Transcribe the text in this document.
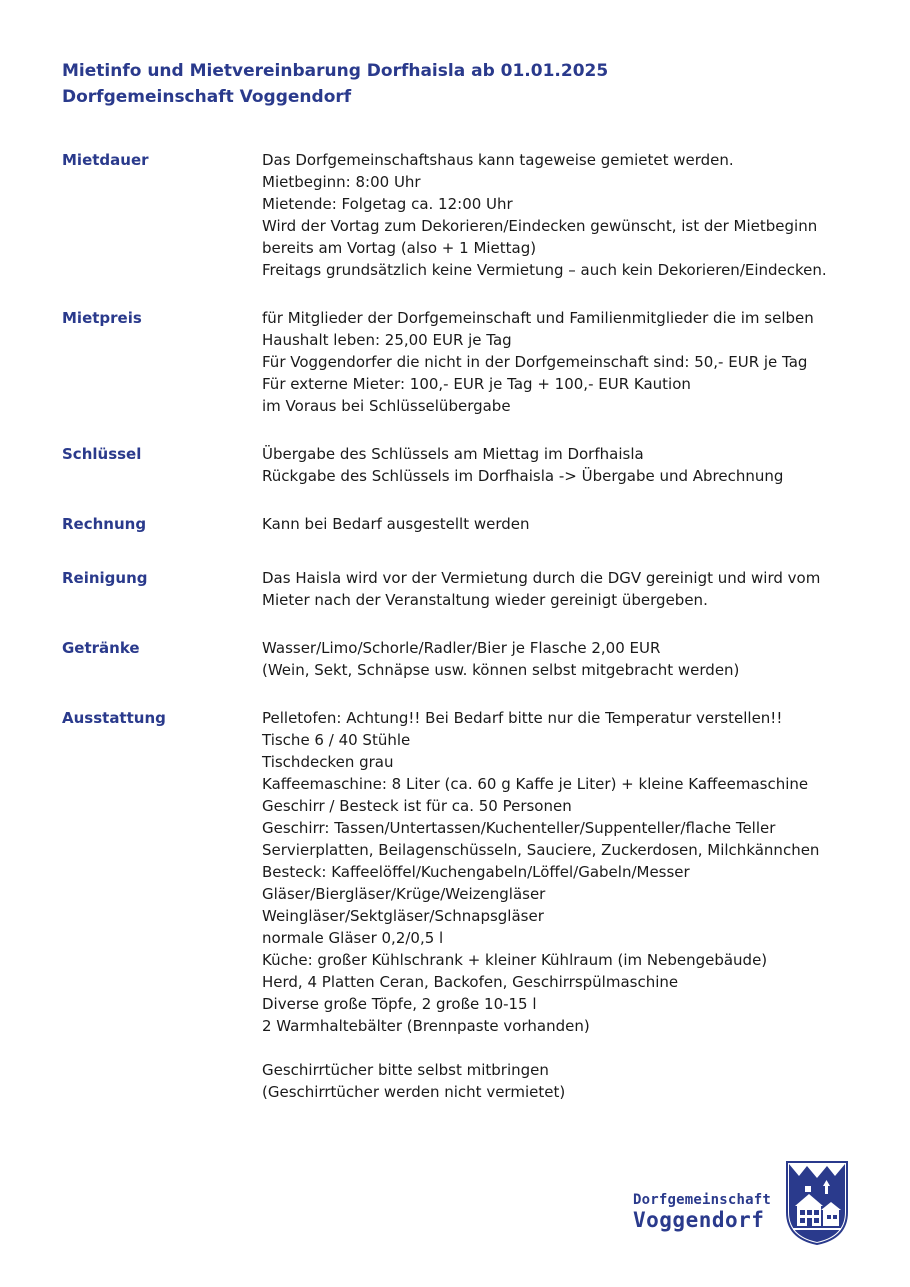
Mietinfo und Mietvereinbarung Dorfhaisla ab 01.01.2025
Dorfgemeinschaft Voggendorf
Mietdauer	Das Dorfgemeinschaftshaus kann tageweise gemietet werden.
Mietbeginn: 8:00 Uhr
Mietende: Folgetag ca. 12:00 Uhr
Wird der Vortag zum Dekorieren/Eindecken gewünscht, ist der Mietbeginn
bereits am Vortag (also + 1 Miettag)
Freitags grundsätzlich keine Vermietung – auch kein Dekorieren/Eindecken.
Mietpreis	für Mitglieder der Dorfgemeinschaft und Familienmitglieder die im selben
Haushalt leben: 25,00 EUR je Tag
Für Voggendorfer die nicht in der Dorfgemeinschaft sind: 50,- EUR je Tag
Für externe Mieter: 100,- EUR je Tag + 100,- EUR Kaution
im Voraus bei Schlüsselübergabe
Schlüssel	Übergabe des Schlüssels am Miettag im Dorfhaisla
Rückgabe des Schlüssels im Dorfhaisla -> Übergabe und Abrechnung
Rechnung	Kann bei Bedarf ausgestellt werden
Reinigung	Das Haisla wird vor der Vermietung durch die DGV gereinigt und wird vom
Mieter nach der Veranstaltung wieder gereinigt übergeben.
Getränke	Wasser/Limo/Schorle/Radler/Bier je Flasche 2,00 EUR
(Wein, Sekt, Schnäpse usw. können selbst mitgebracht werden)
Ausstattung	Pelletofen: Achtung!! Bei Bedarf bitte nur die Temperatur verstellen!!
Tische 6 / 40 Stühle
Tischdecken grau
Kaffeemaschine: 8 Liter (ca. 60 g Kaffe je Liter) + kleine Kaffeemaschine
Geschirr / Besteck ist für ca. 50 Personen
Geschirr: Tassen/Untertassen/Kuchenteller/Suppenteller/flache Teller
Servierplatten, Beilagenschüsseln, Sauciere, Zuckerdosen, Milchkännchen
Besteck: Kaffeelöffel/Kuchengabeln/Löffel/Gabeln/Messer
Gläser/Biergläser/Krüge/Weizengläser
Weingläser/Sektgläser/Schnapsgläser
normale Gläser 0,2/0,5 l
Küche: großer Kühlschrank + kleiner Kühlraum (im Nebengebäude)
Herd, 4 Platten Ceran, Backofen, Geschirrspülmaschine
Diverse große Töpfe, 2 große 10-15 l
2 Warmhaltebälter (Brennpaste vorhanden)
Geschirrtücher bitte selbst mitbringen
(Geschirrtücher werden nicht vermietet)
Dorfgemeinschaft
Voggendorf
